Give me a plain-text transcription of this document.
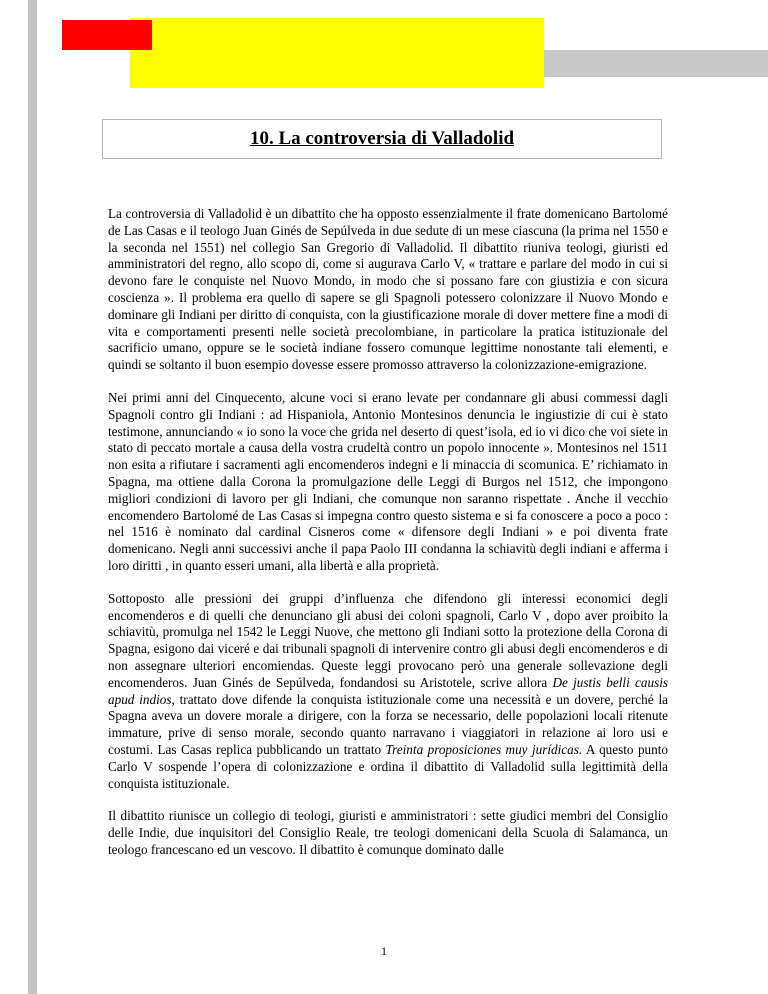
10. La controversia di Valladolid

La controversia di Valladolid è un dibattito che ha opposto essenzialmente il frate domenicano Bartolomé de Las Casas e il teologo Juan Ginés de Sepúlveda in due sedute di un mese ciascuna (la prima nel 1550 e la seconda nel 1551) nel collegio San Gregorio di Valladolid. Il dibattito riuniva teologi, giuristi ed amministratori del regno, allo scopo di, come si augurava Carlo V, « trattare e parlare del modo in cui si devono fare le conquiste nel Nuovo Mondo, in modo che si possano fare con giustizia e con sicura coscienza ». Il problema era quello di sapere se gli Spagnoli potessero colonizzare il Nuovo Mondo e dominare gli Indiani per diritto di conquista, con la giustificazione morale di dover mettere fine a modi di vita e comportamenti presenti nelle società precolombiane, in particolare la pratica istituzionale del sacrificio umano, oppure se le società indiane fossero comunque legittime nonostante tali elementi, e quindi se soltanto il buon esempio dovesse essere promosso attraverso la colonizzazione-emigrazione.

Nei primi anni del Cinquecento, alcune voci si erano levate per condannare gli abusi commessi dagli Spagnoli contro gli Indiani : ad Hispaniola, Antonio Montesinos denuncia le ingiustizie di cui è stato testimone, annunciando « io sono la voce che grida nel deserto di quest’isola, ed io vi dico che voi siete in stato di peccato mortale a causa della vostra crudeltà contro un popolo innocente ». Montesinos nel 1511 non esita a rifiutare i sacramenti agli encomenderos indegni e li minaccia di scomunica. E’ richiamato in Spagna, ma ottiene dalla Corona la promulgazione delle Leggi di Burgos nel 1512, che impongono migliori condizioni di lavoro per gli Indiani, che comunque non saranno rispettate . Anche il vecchio encomendero Bartolomé de Las Casas si impegna contro questo sistema e si fa conoscere a poco a poco : nel 1516 è nominato dal cardinal Cisneros come « difensore degli Indiani » e poi diventa frate domenicano. Negli anni successivi anche il papa Paolo III condanna la schiavitù degli indiani e afferma i loro diritti , in quanto esseri umani, alla libertà e alla proprietà.

Sottoposto alle pressioni dei gruppi d’influenza che difendono gli interessi economici degli encomenderos e di quelli che denunciano gli abusi dei coloni spagnoli, Carlo V , dopo aver proibito la schiavitù, promulga nel 1542 le Leggi Nuove, che mettono gli Indiani sotto la protezione della Corona di Spagna, esigono dai viceré e dai tribunali spagnoli di intervenire contro gli abusi degli encomenderos e di non assegnare ulteriori encomiendas. Queste leggi provocano però una generale sollevazione degli encomenderos. Juan Ginés de Sepúlveda, fondandosi su Aristotele, scrive allora De justis belli causis apud indios, trattato dove difende la conquista istituzionale come una necessità e un dovere, perché la Spagna aveva un dovere morale a dirigere, con la forza se necessario, delle popolazioni locali ritenute immature, prive di senso morale, secondo quanto narravano i viaggiatori in relazione ai loro usi e costumi. Las Casas replica pubblicando un trattato Treinta proposiciones muy jurídicas. A questo punto Carlo V sospende l’opera di colonizzazione e ordina il dibattito di Valladolid sulla legittimità della conquista istituzionale.

Il dibattito riunisce un collegio di teologi, giuristi e amministratori : sette giudici membri del Consiglio delle Indie, due inquisitori del Consiglio Reale, tre teologi domenicani della Scuola di Salamanca, un teologo francescano ed un vescovo. Il dibattito è comunque dominato dalle

1
